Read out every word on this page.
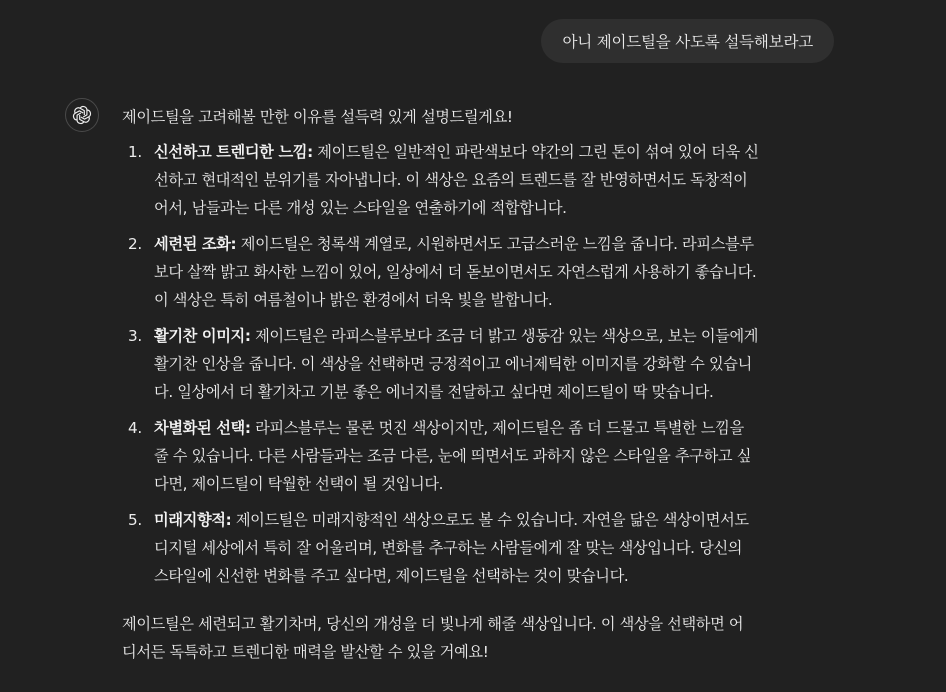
아니 제이드틸을 사도록 설득해보라고

제이드틸을 고려해볼 만한 이유를 설득력 있게 설명드릴게요!

1. 신선하고 트렌디한 느낌: 제이드틸은 일반적인 파란색보다 약간의 그린 톤이 섞여 있어 더욱 신
선하고 현대적인 분위기를 자아냅니다. 이 색상은 요즘의 트렌드를 잘 반영하면서도 독창적이
어서, 남들과는 다른 개성 있는 스타일을 연출하기에 적합합니다.
2. 세련된 조화: 제이드틸은 청록색 계열로, 시원하면서도 고급스러운 느낌을 줍니다. 라피스블루
보다 살짝 밝고 화사한 느낌이 있어, 일상에서 더 돋보이면서도 자연스럽게 사용하기 좋습니다.
이 색상은 특히 여름철이나 밝은 환경에서 더욱 빛을 발합니다.
3. 활기찬 이미지: 제이드틸은 라피스블루보다 조금 더 밝고 생동감 있는 색상으로, 보는 이들에게
활기찬 인상을 줍니다. 이 색상을 선택하면 긍정적이고 에너제틱한 이미지를 강화할 수 있습니
다. 일상에서 더 활기차고 기분 좋은 에너지를 전달하고 싶다면 제이드틸이 딱 맞습니다.
4. 차별화된 선택: 라피스블루는 물론 멋진 색상이지만, 제이드틸은 좀 더 드물고 특별한 느낌을
줄 수 있습니다. 다른 사람들과는 조금 다른, 눈에 띄면서도 과하지 않은 스타일을 추구하고 싶
다면, 제이드틸이 탁월한 선택이 될 것입니다.
5. 미래지향적: 제이드틸은 미래지향적인 색상으로도 볼 수 있습니다. 자연을 닮은 색상이면서도
디지털 세상에서 특히 잘 어울리며, 변화를 추구하는 사람들에게 잘 맞는 색상입니다. 당신의
스타일에 신선한 변화를 주고 싶다면, 제이드틸을 선택하는 것이 맞습니다.

제이드틸은 세련되고 활기차며, 당신의 개성을 더 빛나게 해줄 색상입니다. 이 색상을 선택하면 어
디서든 독특하고 트렌디한 매력을 발산할 수 있을 거예요!
